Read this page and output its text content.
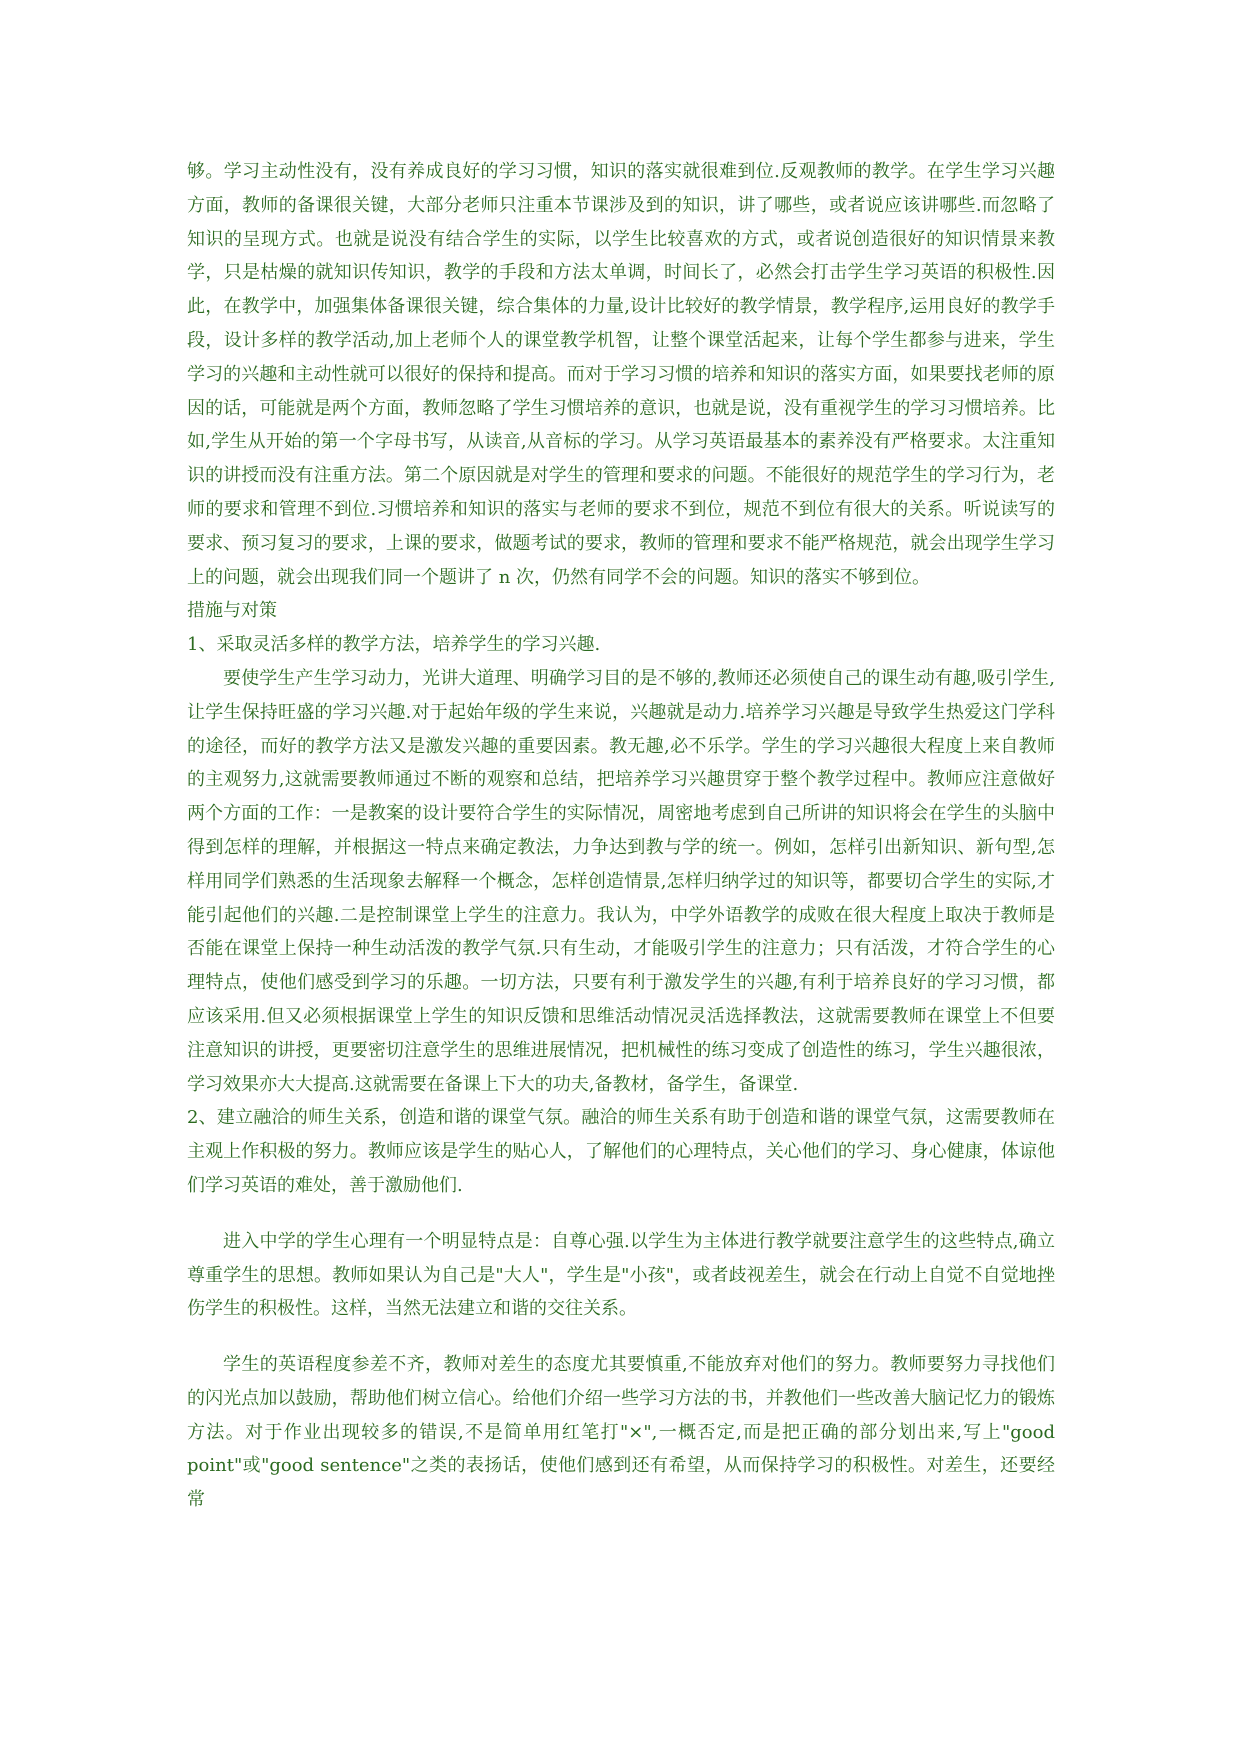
够。学习主动性没有，没有养成良好的学习习惯，知识的落实就很难到位.反观教师的教学。在学生学习兴趣方面，教师的备课很关键，大部分老师只注重本节课涉及到的知识，讲了哪些，或者说应该讲哪些.而忽略了知识的呈现方式。也就是说没有结合学生的实际，以学生比较喜欢的方式，或者说创造很好的知识情景来教学，只是枯燥的就知识传知识，教学的手段和方法太单调，时间长了，必然会打击学生学习英语的积极性.因此，在教学中，加强集体备课很关键，综合集体的力量,设计比较好的教学情景，教学程序,运用良好的教学手段，设计多样的教学活动,加上老师个人的课堂教学机智，让整个课堂活起来，让每个学生都参与进来，学生学习的兴趣和主动性就可以很好的保持和提高。而对于学习习惯的培养和知识的落实方面，如果要找老师的原因的话，可能就是两个方面，教师忽略了学生习惯培养的意识，也就是说，没有重视学生的学习习惯培养。比如,学生从开始的第一个字母书写，从读音,从音标的学习。从学习英语最基本的素养没有严格要求。太注重知识的讲授而没有注重方法。第二个原因就是对学生的管理和要求的问题。不能很好的规范学生的学习行为，老师的要求和管理不到位.习惯培养和知识的落实与老师的要求不到位，规范不到位有很大的关系。听说读写的要求、预习复习的要求，上课的要求，做题考试的要求，教师的管理和要求不能严格规范，就会出现学生学习上的问题，就会出现我们同一个题讲了 n 次，仍然有同学不会的问题。知识的落实不够到位。

措施与对策

1、采取灵活多样的教学方法，培养学生的学习兴趣.

要使学生产生学习动力，光讲大道理、明确学习目的是不够的,教师还必须使自己的课生动有趣,吸引学生,让学生保持旺盛的学习兴趣.对于起始年级的学生来说，兴趣就是动力.培养学习兴趣是导致学生热爱这门学科的途径，而好的教学方法又是激发兴趣的重要因素。教无趣,必不乐学。学生的学习兴趣很大程度上来自教师的主观努力,这就需要教师通过不断的观察和总结，把培养学习兴趣贯穿于整个教学过程中。教师应注意做好两个方面的工作：一是教案的设计要符合学生的实际情况，周密地考虑到自己所讲的知识将会在学生的头脑中得到怎样的理解，并根据这一特点来确定教法，力争达到教与学的统一。例如，怎样引出新知识、新句型,怎样用同学们熟悉的生活现象去解释一个概念，怎样创造情景,怎样归纳学过的知识等，都要切合学生的实际,才能引起他们的兴趣.二是控制课堂上学生的注意力。我认为，中学外语教学的成败在很大程度上取决于教师是否能在课堂上保持一种生动活泼的教学气氛.只有生动，才能吸引学生的注意力；只有活泼，才符合学生的心理特点，使他们感受到学习的乐趣。一切方法，只要有利于激发学生的兴趣,有利于培养良好的学习习惯，都应该采用.但又必须根据课堂上学生的知识反馈和思维活动情况灵活选择教法，这就需要教师在课堂上不但要注意知识的讲授，更要密切注意学生的思维进展情况，把机械性的练习变成了创造性的练习，学生兴趣很浓，学习效果亦大大提高.这就需要在备课上下大的功夫,备教材，备学生，备课堂.

2、建立融洽的师生关系，创造和谐的课堂气氛。融洽的师生关系有助于创造和谐的课堂气氛，这需要教师在主观上作积极的努力。教师应该是学生的贴心人，了解他们的心理特点，关心他们的学习、身心健康，体谅他们学习英语的难处，善于激励他们.

进入中学的学生心理有一个明显特点是：自尊心强.以学生为主体进行教学就要注意学生的这些特点,确立尊重学生的思想。教师如果认为自己是"大人"，学生是"小孩"，或者歧视差生，就会在行动上自觉不自觉地挫伤学生的积极性。这样，当然无法建立和谐的交往关系。

学生的英语程度参差不齐，教师对差生的态度尤其要慎重,不能放弃对他们的努力。教师要努力寻找他们的闪光点加以鼓励，帮助他们树立信心。给他们介绍一些学习方法的书，并教他们一些改善大脑记忆力的锻炼方法。对于作业出现较多的错误,不是简单用红笔打"×",一概否定,而是把正确的部分划出来,写上"good point"或"good sentence"之类的表扬话，使他们感到还有希望，从而保持学习的积极性。对差生，还要经常
